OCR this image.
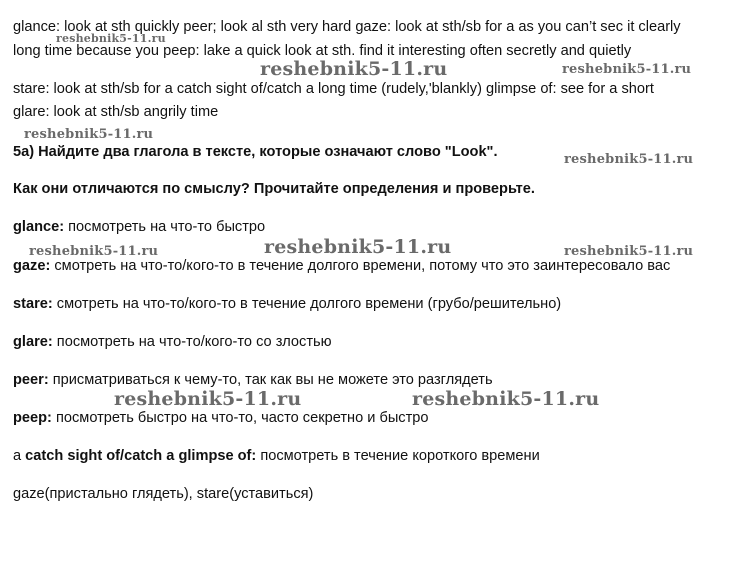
glance: look at sth quickly peer; look al sth very hard gaze: look at sth/sb for a as you can’t sec it clearly
long time because you peep: lake a quick look at sth. find it interesting often secretly and quietly
stare: look at sth/sb for a catch sight of/catch a long time (rudely,'blankly) glimpse of: see for a short
glare: look at sth/sb angrily time
5а) Найдите два глагола в тексте, которые означают слово "Look".
Как они отличаются по смыслу? Прочитайте определения и проверьте.
glance: посмотреть на что-то быстро
gaze: смотреть на что-то/кого-то в течение долгого времени, потому что это заинтересовало вас
stare: смотреть на что-то/кого-то в течение долгого времени (грубо/решительно)
glare: посмотреть на что-то/кого-то со злостью
peer: присматриваться к чему-то, так как вы не можете это разглядеть
peep: посмотреть быстро на что-то, часто секретно и быстро
a catch sight of/catch a glimpse of: посмотреть в течение короткого времени
gaze(пристально глядеть), stare(уставиться)
reshebnik5-11.ru
reshebnik5-11.ru	reshebnik5-11.ru
reshebnik5-11.ru
reshebnik5-11.ru
reshebnik5-11.ru	reshebnik5-11.ru	reshebnik5-11.ru
reshebnik5-11.ru	reshebnik5-11.ru
